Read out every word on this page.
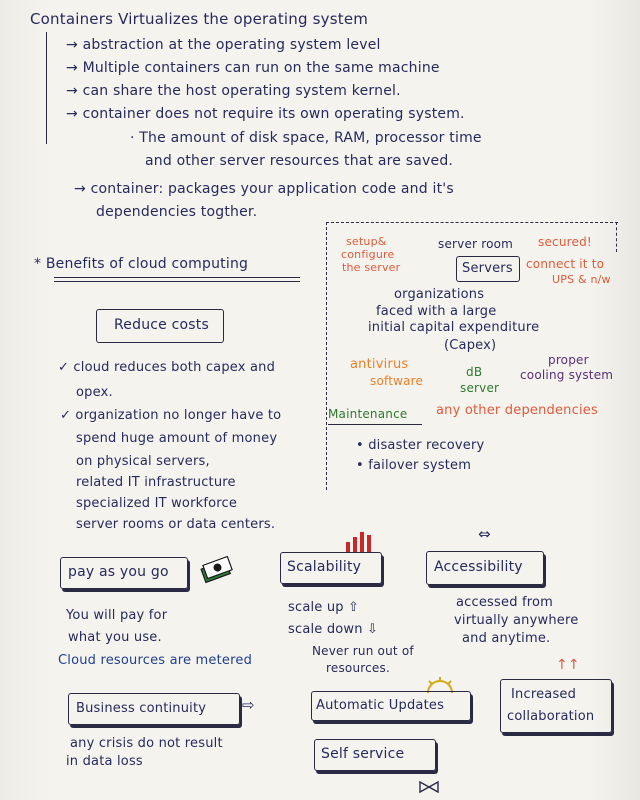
Containers Virtualizes the operating system
→ abstraction at the operating system level
→ Multiple containers can run on the same machine
→ can share the host operating system kernel.
→ container does not require its own operating system.
· The amount of disk space, RAM, processor time
and other server resources that are saved.
→ container: packages your application code and it's
dependencies togther.
* Benefits of cloud computing
Reduce costs
✓ cloud reduces both capex and
opex.
✓ organization no longer have to
spend huge amount of money
on physical servers,
related IT infrastructure
specialized IT workforce
server rooms or data centers.
setup&
configure
the server
server room secured!
Servers connect it to
UPS & n/w
organizations
faced with a large
initial capital expenditure
(Capex)
antivirus
software
dB
server
proper
cooling system
Maintenance any other dependencies
• disaster recovery
• failover system
pay as you go
You will pay for
what you use.
Cloud resources are metered
Scalability
scale up ⇧
scale down ⇩
Never run out of
resources.
⇔
Accessibility
accessed from
virtually anywhere
and anytime.
Business continuity ⇨
any crisis do not result
in data loss
Automatic Updates
↑↑
Increased
collaboration
Self service
